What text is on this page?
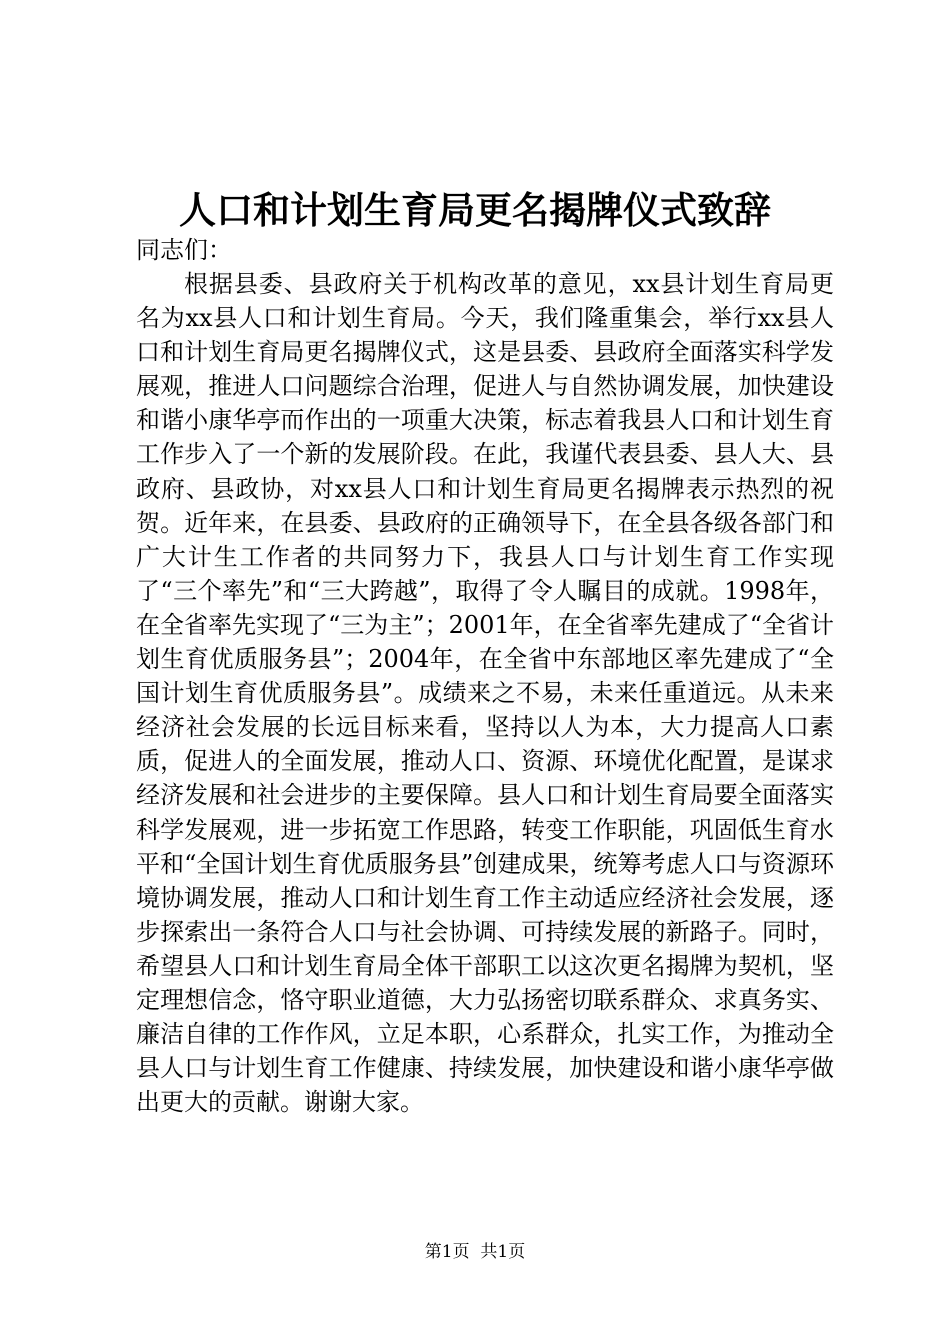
人口和计划生育局更名揭牌仪式致辞
同志们：
根据县委、县政府关于机构改革的意见，xx县计划生育局更名为xx县人口和计划生育局。今天，我们隆重集会，举行xx县人口和计划生育局更名揭牌仪式，这是县委、县政府全面落实科学发展观，推进人口问题综合治理，促进人与自然协调发展，加快建设和谐小康华亭而作出的一项重大决策，标志着我县人口和计划生育工作步入了一个新的发展阶段。在此，我谨代表县委、县人大、县政府、县政协，对xx县人口和计划生育局更名揭牌表示热烈的祝贺。近年来，在县委、县政府的正确领导下，在全县各级各部门和广大计生工作者的共同努力下，我县人口与计划生育工作实现了“三个率先”和“三大跨越”，取得了令人瞩目的成就。1998年，在全省率先实现了“三为主”；2001年，在全省率先建成了“全省计划生育优质服务县”；2004年，在全省中东部地区率先建成了“全国计划生育优质服务县”。成绩来之不易，未来任重道远。从未来经济社会发展的长远目标来看，坚持以人为本，大力提高人口素质，促进人的全面发展，推动人口、资源、环境优化配置，是谋求经济发展和社会进步的主要保障。县人口和计划生育局要全面落实科学发展观，进一步拓宽工作思路，转变工作职能，巩固低生育水平和“全国计划生育优质服务县”创建成果，统筹考虑人口与资源环境协调发展，推动人口和计划生育工作主动适应经济社会发展，逐步探索出一条符合人口与社会协调、可持续发展的新路子。同时，希望县人口和计划生育局全体干部职工以这次更名揭牌为契机，坚定理想信念，恪守职业道德，大力弘扬密切联系群众、求真务实、廉洁自律的工作作风，立足本职，心系群众，扎实工作，为推动全县人口与计划生育工作健康、持续发展，加快建设和谐小康华亭做出更大的贡献。谢谢大家。
第1页  共1页
